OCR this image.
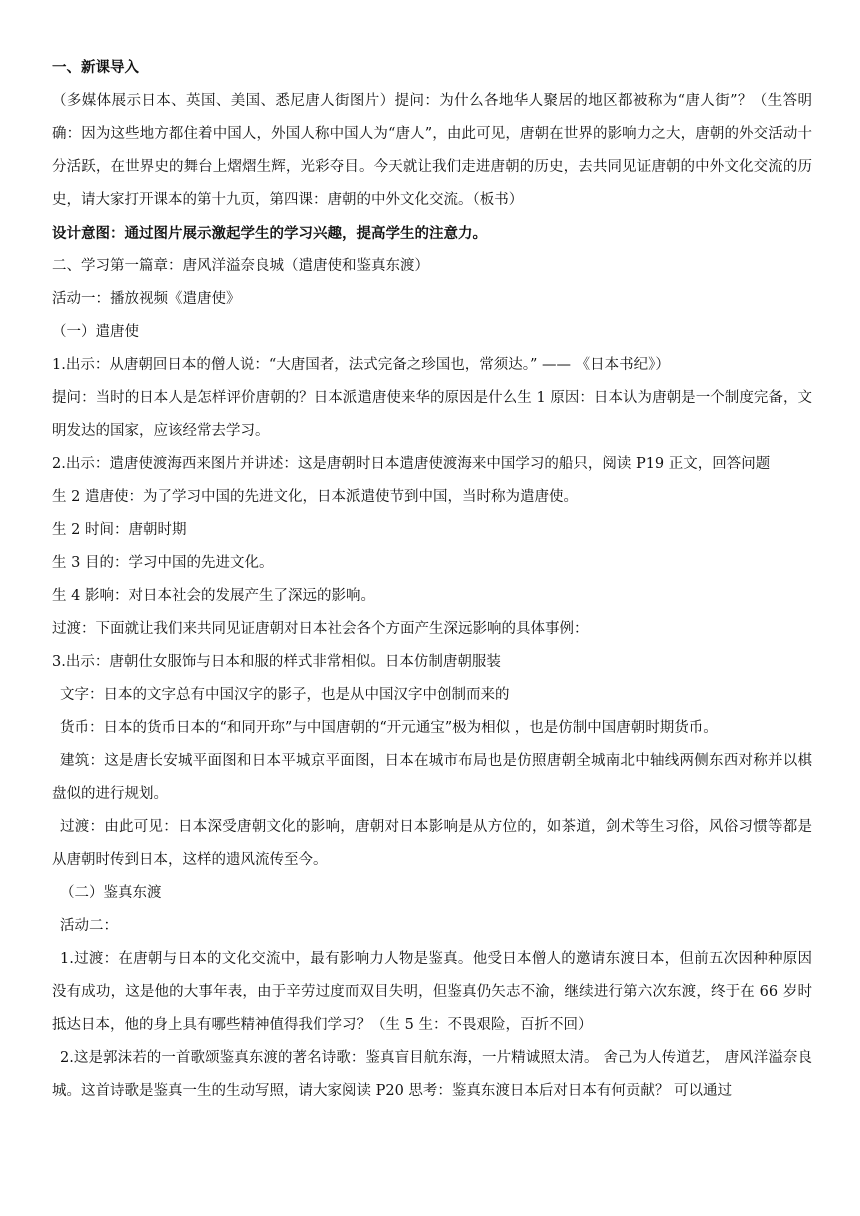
一、新课导入

（多媒体展示日本、英国、美国、悉尼唐人街图片）提问：为什么各地华人聚居的地区都被称为“唐人街”？（生答明确：因为这些地方都住着中国人，外国人称中国人为“唐人”，由此可见，唐朝在世界的影响力之大，唐朝的外交活动十分活跃，在世界史的舞台上熠熠生辉，光彩夺目。今天就让我们走进唐朝的历史，去共同见证唐朝的中外文化交流的历史，请大家打开课本的第十九页，第四课：唐朝的中外文化交流。（板书）

设计意图：通过图片展示激起学生的学习兴趣，提高学生的注意力。

二、学习第一篇章：唐风洋溢奈良城（遣唐使和鉴真东渡）

活动一：播放视频《遣唐使》

（一）遣唐使

1.出示：从唐朝回日本的僧人说：“大唐国者，法式完备之珍国也，常须达。” —— 《日本书纪》）

提问：当时的日本人是怎样评价唐朝的？日本派遣唐使来华的原因是什么生 1 原因：日本认为唐朝是一个制度完备，文明发达的国家，应该经常去学习。

2.出示：遣唐使渡海西来图片并讲述：这是唐朝时日本遣唐使渡海来中国学习的船只，阅读 P19 正文，回答问题

生 2 遣唐使：为了学习中国的先进文化，日本派遣使节到中国，当时称为遣唐使。

生 2 时间：唐朝时期

生 3 目的：学习中国的先进文化。

生 4 影响：对日本社会的发展产生了深远的影响。

过渡：下面就让我们来共同见证唐朝对日本社会各个方面产生深远影响的具体事例：

3.出示：唐朝仕女服饰与日本和服的样式非常相似。日本仿制唐朝服装

文字：日本的文字总有中国汉字的影子，也是从中国汉字中创制而来的

货币：日本的货币日本的“和同开珎”与中国唐朝的“开元通宝”极为相似 ，也是仿制中国唐朝时期货币。

建筑：这是唐长安城平面图和日本平城京平面图，日本在城市布局也是仿照唐朝全城南北中轴线两侧东西对称并以棋盘似的进行规划。

过渡：由此可见：日本深受唐朝文化的影响，唐朝对日本影响是从方位的，如茶道，剑术等生习俗，风俗习惯等都是从唐朝时传到日本，这样的遗风流传至今。

（二）鉴真东渡

活动二：

1.过渡：在唐朝与日本的文化交流中，最有影响力人物是鉴真。他受日本僧人的邀请东渡日本，但前五次因种种原因没有成功，这是他的大事年表，由于辛劳过度而双目失明，但鉴真仍矢志不渝，继续进行第六次东渡，终于在 66 岁时抵达日本，他的身上具有哪些精神值得我们学习？（生 5 生：不畏艰险，百折不回）

2.这是郭沫若的一首歌颂鉴真东渡的著名诗歌：鉴真盲目航东海，一片精诚照太清。 舍己为人传道艺， 唐风洋溢奈良城。这首诗歌是鉴真一生的生动写照，请大家阅读 P20 思考：鉴真东渡日本后对日本有何贡献？ 可以通过
